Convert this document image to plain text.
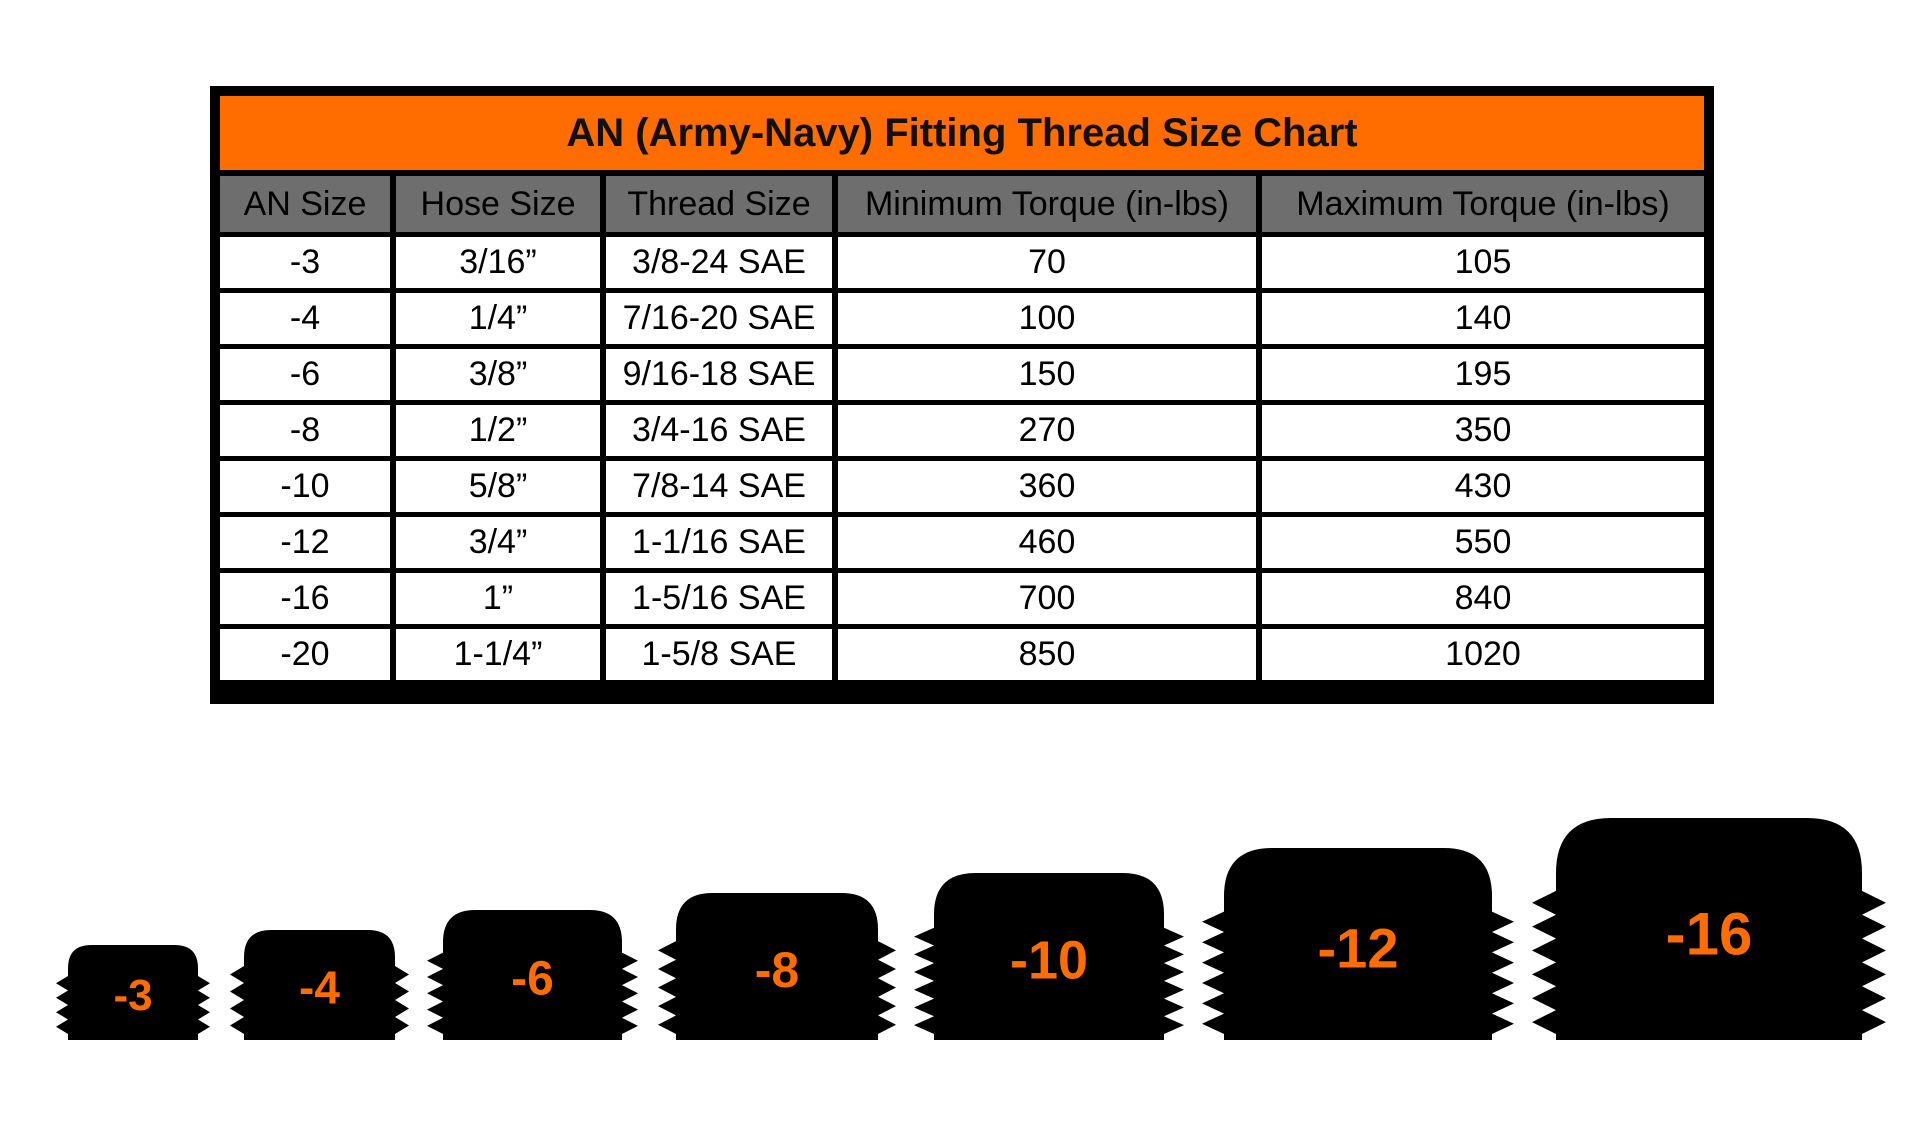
AN (Army-Navy) Fitting Thread Size Chart
AN Size	Hose Size	Thread Size	Minimum Torque (in-lbs)	Maximum Torque (in-lbs)
-3	3/16”	3/8-24 SAE	70	105
-4	1/4”	7/16-20 SAE	100	140
-6	3/8”	9/16-18 SAE	150	195
-8	1/2”	3/4-16 SAE	270	350
-10	5/8”	7/8-14 SAE	360	430
-12	3/4”	1-1/16 SAE	460	550
-16	1”	1-5/16 SAE	700	840
-20	1-1/4”	1-5/8 SAE	850	1020
-3	-4	-6	-8	-10	-12	-16
